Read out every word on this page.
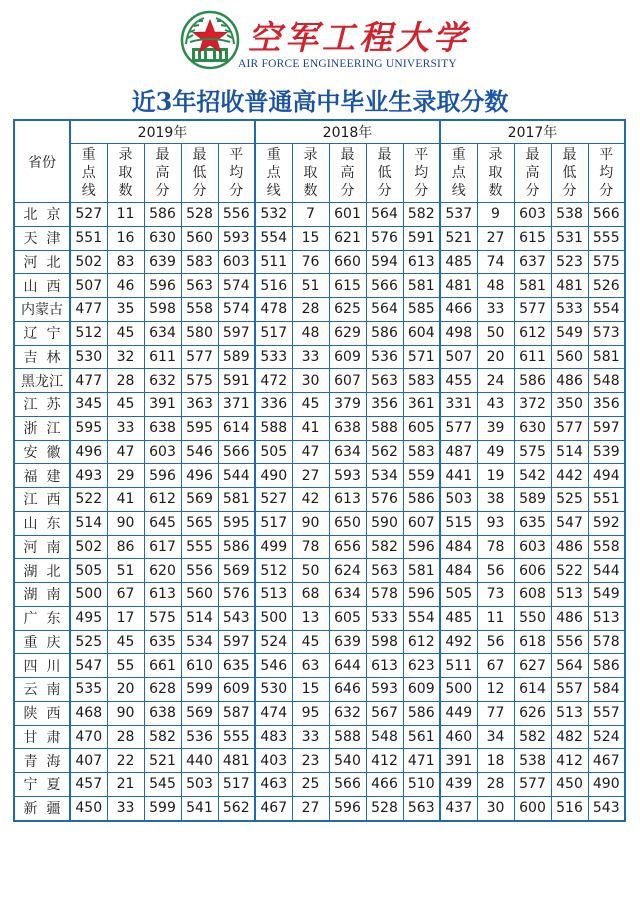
空军工程大学
AIR FORCE ENGINEERING UNIVERSITY
近3年招收普通高中毕业生录取分数
省份	2019年					2018年					2017年				

	重
点
线	录
取
数	最
高
分	最
低
分	平
均
分	重
点
线	录
取
数	最
高
分	最
低
分	平
均
分	重
点
线	录
取
数	最
高
分	最
低
分	平
均
分

北  京	527	11	586	528	556	532	7	601	564	582	537	9	603	538	566
天  津	551	16	630	560	593	554	15	621	576	591	521	27	615	531	555
河  北	502	83	639	583	603	511	76	660	594	613	485	74	637	523	575
山  西	507	46	596	563	574	516	51	615	566	581	481	48	581	481	526
内蒙古	477	35	598	558	574	478	28	625	564	585	466	33	577	533	554
辽  宁	512	45	634	580	597	517	48	629	586	604	498	50	612	549	573
吉  林	530	32	611	577	589	533	33	609	536	571	507	20	611	560	581
黑龙江	477	28	632	575	591	472	30	607	563	583	455	24	586	486	548
江  苏	345	45	391	363	371	336	45	379	356	361	331	43	372	350	356
浙  江	595	33	638	595	614	588	41	638	588	605	577	39	630	577	597
安  徽	496	47	603	546	566	505	47	634	562	583	487	49	575	514	539
福  建	493	29	596	496	544	490	27	593	534	559	441	19	542	442	494
江  西	522	41	612	569	581	527	42	613	576	586	503	38	589	525	551
山  东	514	90	645	565	595	517	90	650	590	607	515	93	635	547	592
河  南	502	86	617	555	586	499	78	656	582	596	484	78	603	486	558
湖  北	505	51	620	556	569	512	50	624	563	581	484	56	606	522	544
湖  南	500	67	613	560	576	513	68	634	578	596	505	73	608	513	549
广  东	495	17	575	514	543	500	13	605	533	554	485	11	550	486	513
重  庆	525	45	635	534	597	524	45	639	598	612	492	56	618	556	578
四  川	547	55	661	610	635	546	63	644	613	623	511	67	627	564	586
云  南	535	20	628	599	609	530	15	646	593	609	500	12	614	557	584
陕  西	468	90	638	569	587	474	95	632	567	586	449	77	626	513	557
甘  肃	470	28	582	536	555	483	33	588	548	561	460	34	582	482	524
青  海	407	22	521	440	481	403	23	540	412	471	391	18	538	412	467
宁  夏	457	21	545	503	517	463	25	566	466	510	439	28	577	450	490
新  疆	450	33	599	541	562	467	27	596	528	563	437	30	600	516	543
